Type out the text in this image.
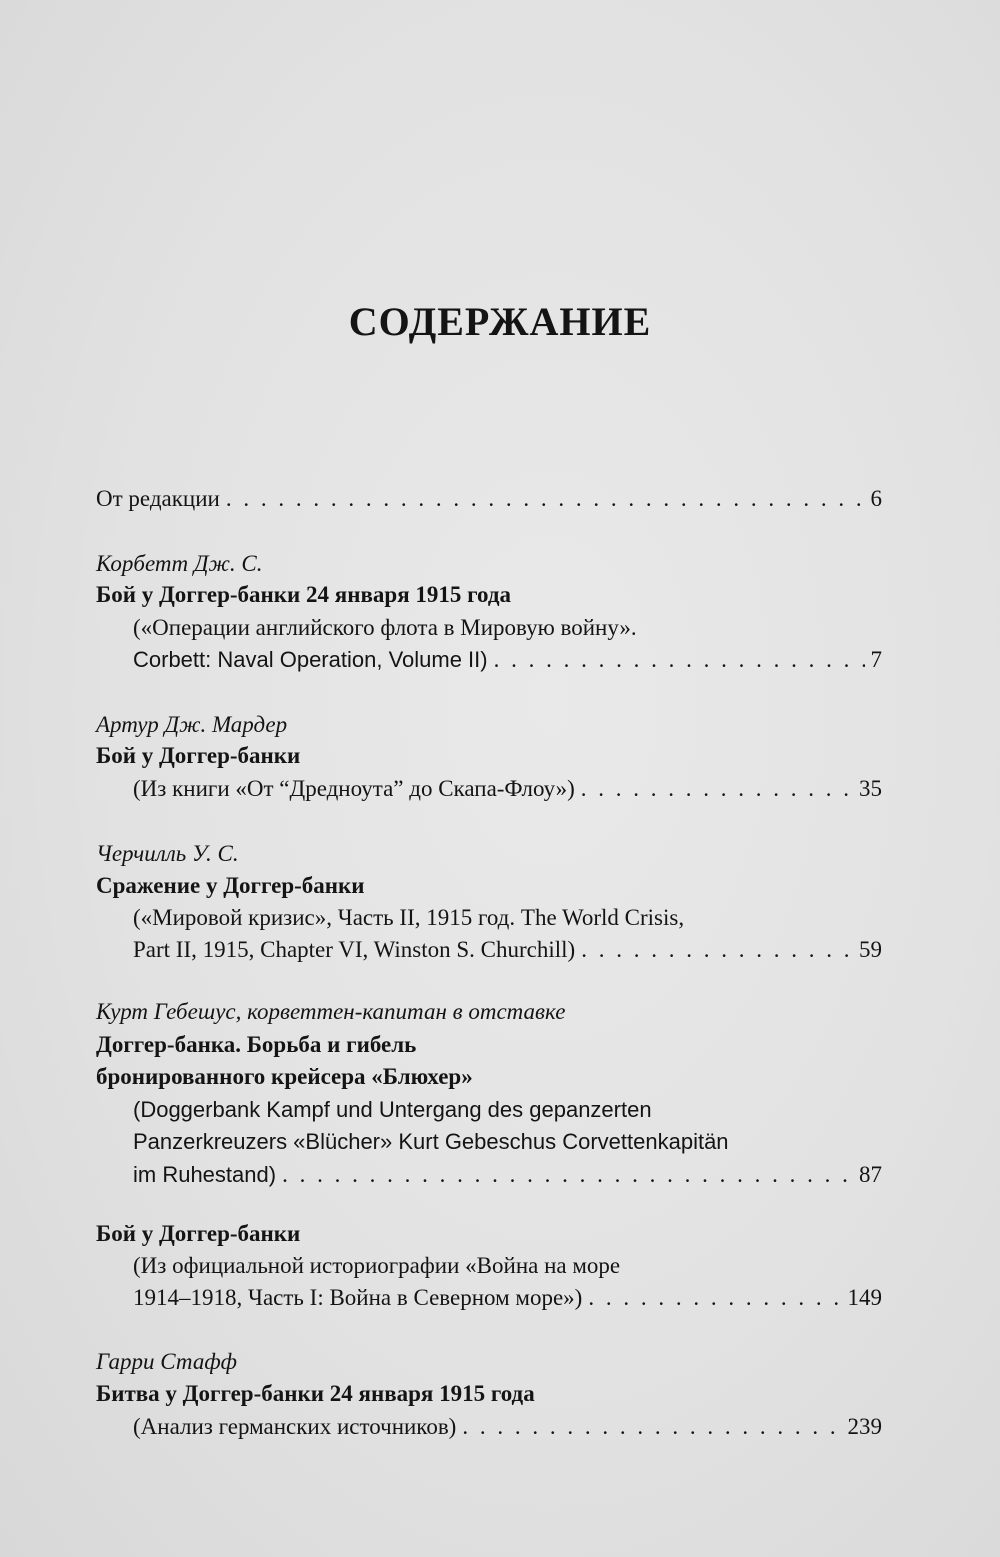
СОДЕРЖАНИЕ
От редакции . . .	6
Корбетт Дж. С.
Бой у Доггер-банки 24 января 1915 года
(«Операции английского флота в Мировую войну».
Corbett: Naval Operation, Volume II) . . .	7
Артур Дж. Мардер
Бой у Доггер-банки
(Из книги «От “Дредноута” до Скапа-Флоу») . . .	35
Черчилль У. С.
Сражение у Доггер-банки
(«Мировой кризис», Часть II, 1915 год. The World Crisis,
Part II, 1915, Chapter VI, Winston S. Churchill) . . .	59
Курт Гебешус, корветтен-капитан в отставке
Доггер-банка. Борьба и гибель
бронированного крейсера «Блюхер»
(Doggerbank Kampf und Untergang des gepanzerten
Panzerkreuzers «Blücher» Kurt Gebeschus Corvettenkapitän
im Ruhestand) . . .	87
Бой у Доггер-банки
(Из официальной историографии «Война на море
1914–1918, Часть I: Война в Северном море») . . .	149
Гарри Стафф
Битва у Доггер-банки 24 января 1915 года
(Анализ германских источников) . . .	239
